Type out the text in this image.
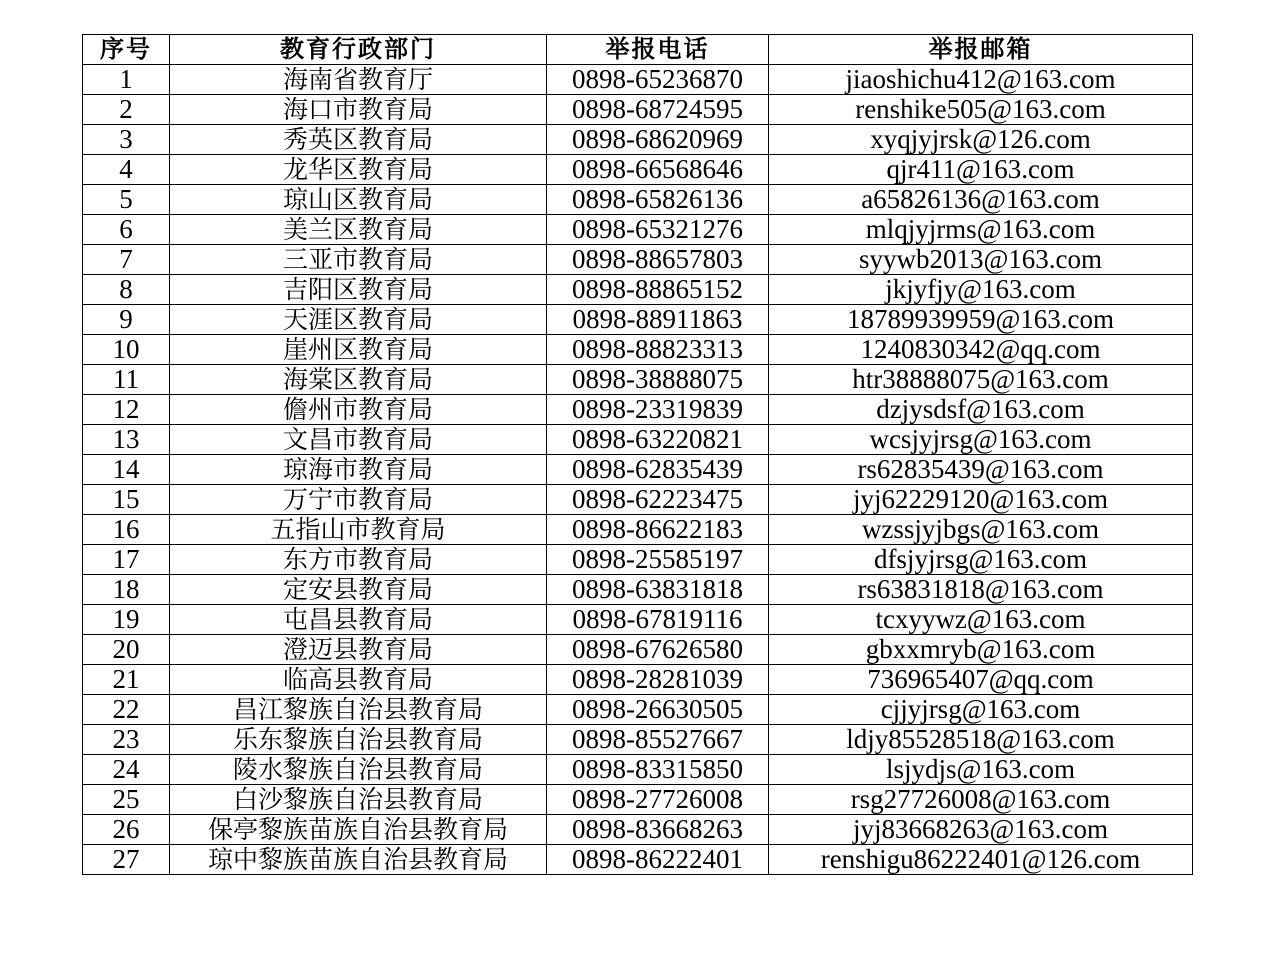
序号	教育行政部门	举报电话	举报邮箱
1	海南省教育厅	0898-65236870	jiaoshichu412@163.com
2	海口市教育局	0898-68724595	renshike505@163.com
3	秀英区教育局	0898-68620969	xyqjyjrsk@126.com
4	龙华区教育局	0898-66568646	qjr411@163.com
5	琼山区教育局	0898-65826136	a65826136@163.com
6	美兰区教育局	0898-65321276	mlqjyjrms@163.com
7	三亚市教育局	0898-88657803	syywb2013@163.com
8	吉阳区教育局	0898-88865152	jkjyfjy@163.com
9	天涯区教育局	0898-88911863	18789939959@163.com
10	崖州区教育局	0898-88823313	1240830342@qq.com
11	海棠区教育局	0898-38888075	htr38888075@163.com
12	儋州市教育局	0898-23319839	dzjysdsf@163.com
13	文昌市教育局	0898-63220821	wcsjyjrsg@163.com
14	琼海市教育局	0898-62835439	rs62835439@163.com
15	万宁市教育局	0898-62223475	jyj62229120@163.com
16	五指山市教育局	0898-86622183	wzssjyjbgs@163.com
17	东方市教育局	0898-25585197	dfsjyjrsg@163.com
18	定安县教育局	0898-63831818	rs63831818@163.com
19	屯昌县教育局	0898-67819116	tcxyywz@163.com
20	澄迈县教育局	0898-67626580	gbxxmryb@163.com
21	临高县教育局	0898-28281039	736965407@qq.com
22	昌江黎族自治县教育局	0898-26630505	cjjyjrsg@163.com
23	乐东黎族自治县教育局	0898-85527667	ldjy85528518@163.com
24	陵水黎族自治县教育局	0898-83315850	lsjydjs@163.com
25	白沙黎族自治县教育局	0898-27726008	rsg27726008@163.com
26	保亭黎族苗族自治县教育局	0898-83668263	jyj83668263@163.com
27	琼中黎族苗族自治县教育局	0898-86222401	renshigu86222401@126.com
